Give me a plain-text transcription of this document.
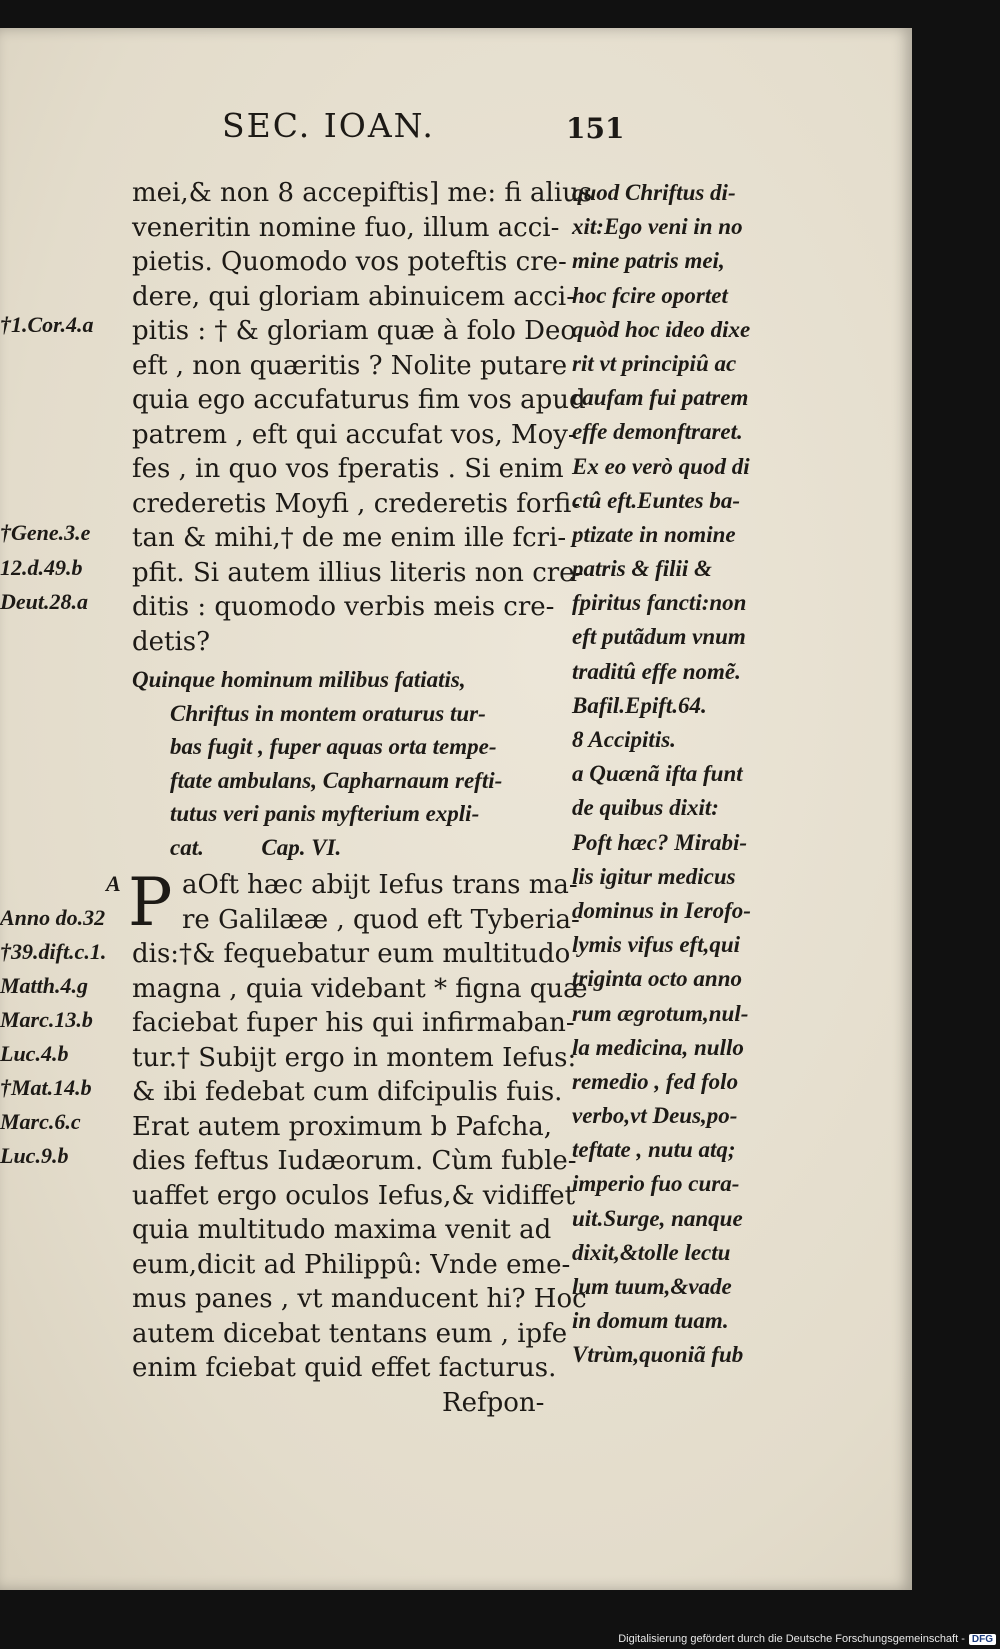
SEC. IOAN.	151
mei,& non 8 accepiftis] me: fi alius
veneritin nomine fuo, illum acci-
pietis. Quomodo vos poteftis cre-
dere, qui gloriam abinuicem acci-
pitis : † & gloriam quæ à folo Deo
eft , non quæritis ? Nolite putare
quia ego accufaturus fim vos apud
patrem , eft qui accufat vos, Moy-
fes , in quo vos fperatis . Si enim
crederetis Moyfi , crederetis forfi-
tan & mihi,† de me enim ille fcri-
pfit. Si autem illius literis non cre-
ditis : quomodo verbis meis cre-
detis?
Quinque hominum milibus fatiatis,
Chriftus in montem oraturus tur-
bas fugit , fuper aquas orta tempe-
ftate ambulans, Capharnaum refti-
tutus veri panis myfterium expli-
cat.          Cap. VI.
P aOft hæc abijt Iefus trans ma-
re Galilææ , quod eft Tyberia-
dis:†& fequebatur eum multitudo
magna , quia videbant * figna quæ
faciebat fuper his qui infirmaban-
tur.† Subijt ergo in montem Iefus:
& ibi fedebat cum difcipulis fuis.
Erat autem proximum b Pafcha,
dies feftus Iudæorum. Cùm fuble-
uaffet ergo oculos Iefus,& vidiffet
quia multitudo maxima venit ad
eum,dicit ad Philippû: Vnde eme-
mus panes , vt manducent hi? Hoc
autem dicebat tentans eum , ipfe
enim fciebat quid effet facturus.
Refpon-
quod Chriftus di-
xit:Ego veni in no
mine patris mei,
hoc fcire oportet
quòd hoc ideo dixe
rit vt principiû ac
caufam fui patrem
effe demonftraret.
Ex eo verò quod di
ctû eft.Euntes ba-
ptizate in nomine
patris & filii &
fpiritus fancti:non
eft putãdum vnum
traditû effe nomẽ.
Bafil.Epift.64.
8 Accipitis.
a Quænã ifta funt
de quibus dixit:
Poft hæc? Mirabi-
lis igitur medicus
dominus in Ierofo-
lymis vifus eft,qui
triginta octo anno
rum ægrotum,nul-
la medicina, nullo
remedio , fed folo
verbo,vt Deus,po-
teftate , nutu atq;
imperio fuo cura-
uit.Surge, nanque
dixit,&tolle lectu
lum tuum,&vade
in domum tuam.
Vtrùm,quoniã fub
†1.Cor.4.a
†Gene.3.e
12.d.49.b
Deut.28.a
A
Anno do.32
†39.dift.c.1.
Matth.4.g
Marc.13.b
Luc.4.b
†Mat.14.b
Marc.6.c
Luc.9.b
Digitalisierung gefördert durch die Deutsche Forschungsgemeinschaft - DFG
